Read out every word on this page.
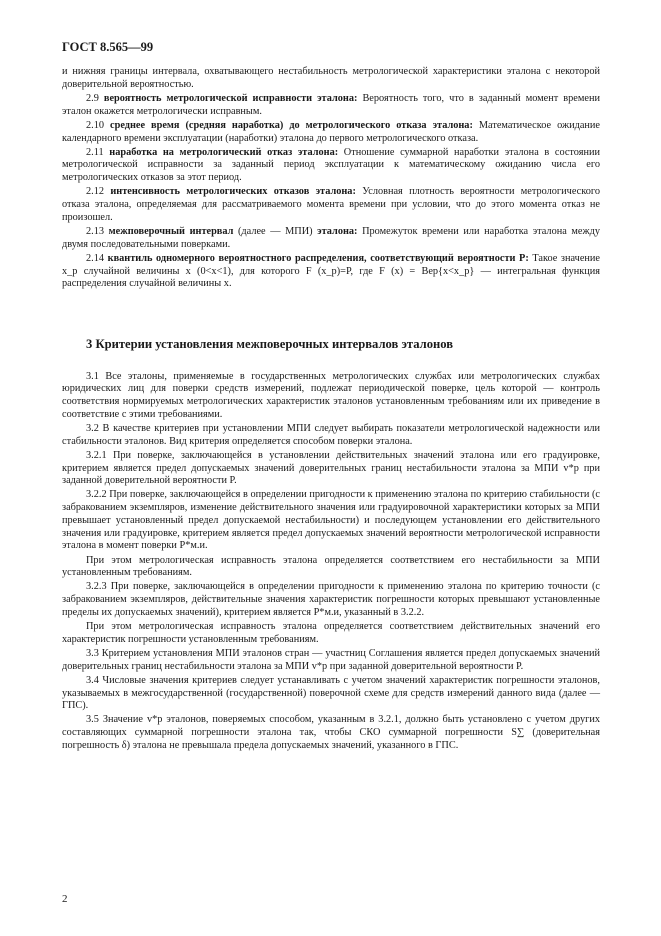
ГОСТ 8.565—99

и нижняя границы интервала, охватывающего нестабильность метрологической характеристики эталона с некоторой доверительной вероятностью.

2.9 вероятность метрологической исправности эталона: Вероятность того, что в заданный момент времени эталон окажется метрологически исправным.

2.10 среднее время (средняя наработка) до метрологического отказа эталона: Математическое ожидание календарного времени эксплуатации (наработки) эталона до первого метрологического отказа.

2.11 наработка на метрологический отказ эталона: Отношение суммарной наработки эталона в состоянии метрологической исправности за заданный период эксплуатации к математическому ожиданию числа его метрологических отказов за этот период.

2.12 интенсивность метрологических отказов эталона: Условная плотность вероятности метрологического отказа эталона, определяемая для рассматриваемого момента времени при условии, что до этого момента отказ не произошел.

2.13 межповерочный интервал (далее — МПИ) эталона: Промежуток времени или наработка эталона между двумя последовательными поверками.

2.14 квантиль одномерного вероятностного распределения, соответствующий вероятности P: Такое значение x_p случайной величины x (0<x<1), для которого F (x_p)=P, где F (x) = Вер{x<x_p} — интегральная функция распределения случайной величины x.

3 Критерии установления межповерочных интервалов эталонов

3.1 Все эталоны, применяемые в государственных метрологических службах или метрологических службах юридических лиц для поверки средств измерений, подлежат периодической поверке, цель которой — контроль соответствия нормируемых метрологических характеристик эталонов установленным требованиям или их приведение в соответствие с этими требованиями.

3.2 В качестве критериев при установлении МПИ следует выбирать показатели метрологической надежности или стабильности эталонов. Вид критерия определяется способом поверки эталона.

3.2.1 При поверке, заключающейся в установлении действительных значений эталона или его градуировке, критерием является предел допускаемых значений доверительных границ нестабильности эталона за МПИ v*p при заданной доверительной вероятности P.

3.2.2 При поверке, заключающейся в определении пригодности к применению эталона по критерию стабильности (с забракованием экземпляров, изменение действительного значения или градуировочной характеристики которых за МПИ превышает установленный предел допускаемой нестабильности) и последующем установлении его действительного значения или градуировке, критерием является предел допускаемых значений вероятности метрологической исправности эталона в момент поверки P*м.и.

При этом метрологическая исправность эталона определяется соответствием его нестабильности за МПИ установленным требованиям.

3.2.3 При поверке, заключающейся в определении пригодности к применению эталона по критерию точности (с забракованием экземпляров, действительные значения характеристик погрешности которых превышают установленные пределы их допускаемых значений), критерием является P*м.и, указанный в 3.2.2.

При этом метрологическая исправность эталона определяется соответствием действительных значений его характеристик погрешности установленным требованиям.

3.3 Критерием установления МПИ эталонов стран — участниц Соглашения является предел допускаемых значений доверительных границ нестабильности эталона за МПИ v*p при заданной доверительной вероятности P.

3.4 Числовые значения критериев следует устанавливать с учетом значений характеристик погрешности эталонов, указываемых в межгосударственной (государственной) поверочной схеме для средств измерений данного вида (далее — ГПС).

3.5 Значение v*p эталонов, поверяемых способом, указанным в 3.2.1, должно быть установлено с учетом других составляющих суммарной погрешности эталона так, чтобы СКО суммарной погрешности S∑ (доверительная погрешность δ) эталона не превышала предела допускаемых значений, указанного в ГПС.

2
